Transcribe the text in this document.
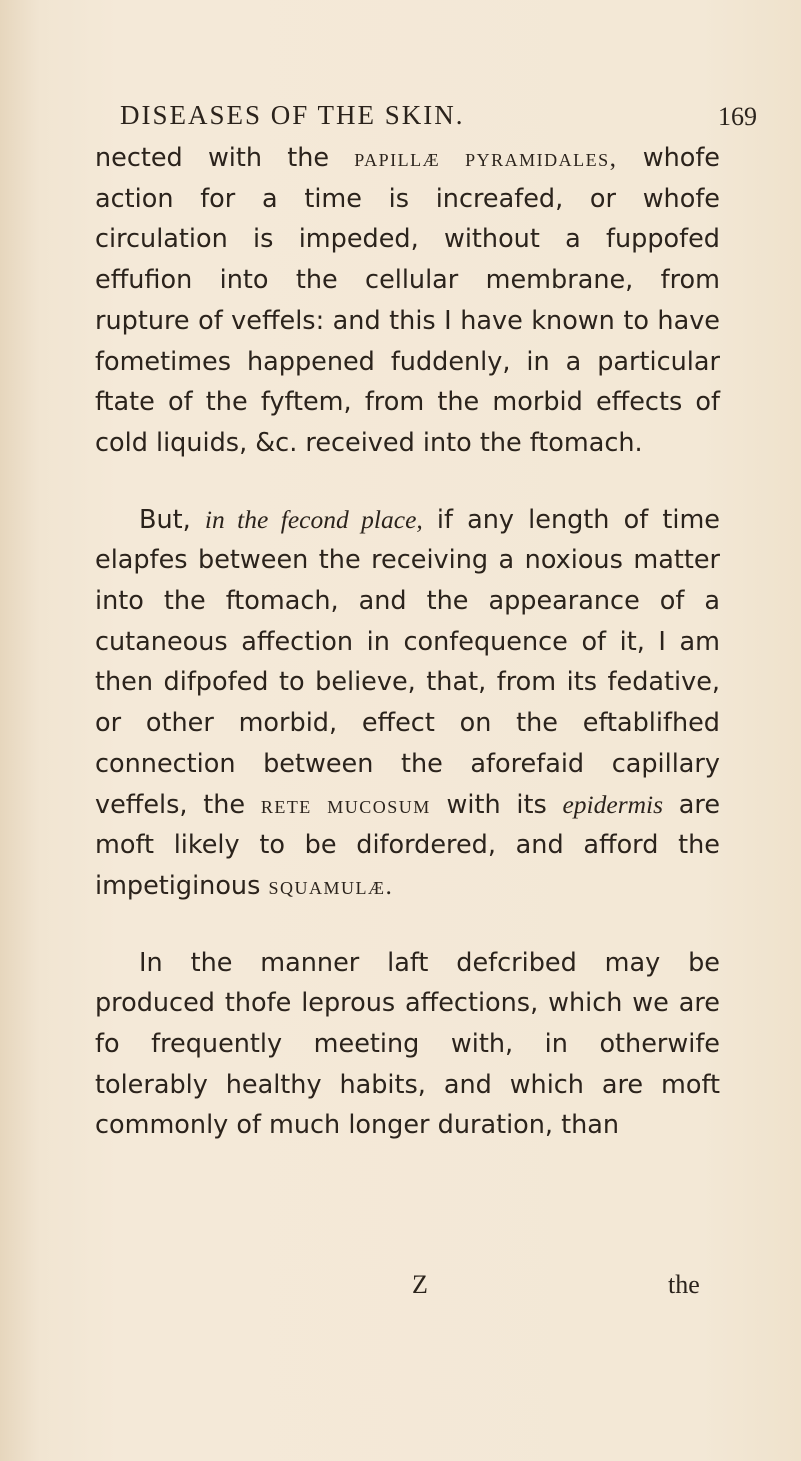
DISEASES OF THE SKIN.	169

nected with the papillæ pyramidales, whofe action for a time is increafed, or whofe circulation is impeded, without a fuppofed effufion into the cellular membrane, from rupture of veffels: and this I have known to have fometimes happened fuddenly, in a particular ftate of the fyftem, from the morbid effects of cold liquids, &c. received into the ftomach.

But, in the fecond place, if any length of time elapfes between the receiving a noxious matter into the ftomach, and the appearance of a cutaneous affection in confequence of it, I am then difpofed to believe, that, from its fedative, or other morbid, effect on the eftablifhed connection between the aforefaid capillary veffels, the rete mucosum with its epidermis are moft likely to be difordered, and afford the impetiginous squamulæ.

In the manner laft defcribed may be produced thofe leprous affections, which we are fo frequently meeting with, in otherwife tolerably healthy habits, and which are moft commonly of much longer duration, than

Z	the
